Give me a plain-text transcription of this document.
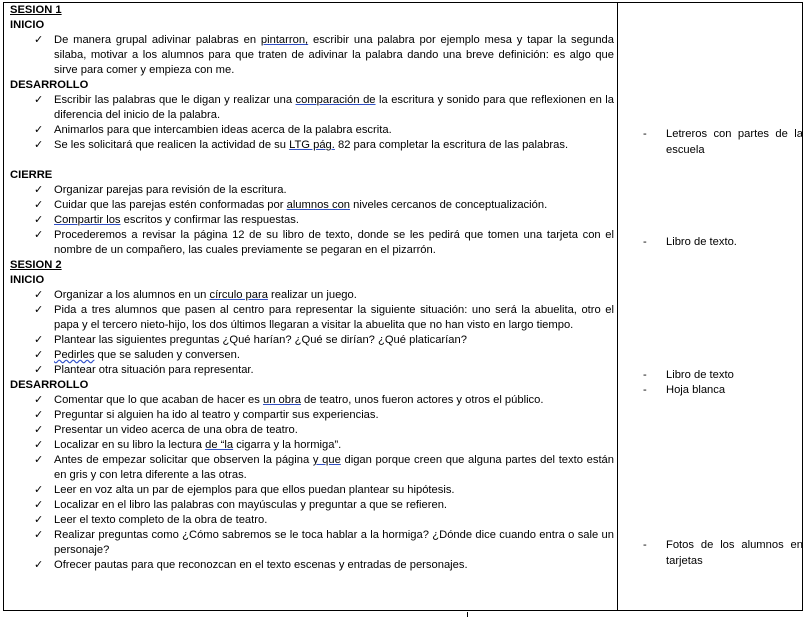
SESION 1
INICIO
✓ De manera grupal adivinar palabras en pintarron, escribir una palabra por ejemplo mesa y tapar la segunda silaba, motivar a los alumnos para que traten de adivinar la palabra dando una breve definición: es algo que sirve para comer y empieza con me.
DESARROLLO
✓ Escribir las palabras que le digan y realizar una comparación de la escritura y sonido para que reflexionen en la diferencia del inicio de la palabra.
✓ Animarlos para que intercambien ideas acerca de la palabra escrita.
✓ Se les solicitará que realicen la actividad de su LTG pág. 82 para completar la escritura de las palabras.
CIERRE
✓ Organizar parejas para revisión de la escritura.
✓ Cuidar que las parejas estén conformadas por alumnos con niveles cercanos de conceptualización.
✓ Compartir los escritos y confirmar las respuestas.
✓ Procederemos a revisar la página 12 de su libro de texto, donde se les pedirá que tomen una tarjeta con el nombre de un compañero, las cuales previamente se pegaran en el pizarrón.
SESION 2
INICIO
✓ Organizar a los alumnos en un círculo para realizar un juego.
✓ Pida a tres alumnos que pasen al centro para representar la siguiente situación: uno será la abuelita, otro el papa y el tercero nieto-hijo, los dos últimos llegaran a visitar la abuelita que no han visto en largo tiempo.
✓ Plantear las siguientes preguntas ¿Qué harían? ¿Qué se dirían? ¿Qué platicarían?
✓ Pedirles que se saluden y conversen.
✓ Plantear otra situación para representar.
DESARROLLO
✓ Comentar que lo que acaban de hacer es un obra de teatro, unos fueron actores y otros el público.
✓ Preguntar si alguien ha ido al teatro y compartir sus experiencias.
✓ Presentar un video acerca de una obra de teatro.
✓ Localizar en su libro la lectura de “la cigarra y la hormiga”.
✓ Antes de empezar solicitar que observen la página y que digan porque creen que alguna partes del texto están en gris y con letra diferente a las otras.
✓ Leer en voz alta un par de ejemplos para que ellos puedan plantear su hipótesis.
✓ Localizar en el libro las palabras con mayúsculas y preguntar a que se refieren.
✓ Leer el texto completo de la obra de teatro.
✓ Realizar preguntas como ¿Cómo sabremos se le toca hablar a la hormiga? ¿Dónde dice cuando entra o sale un personaje?
✓ Ofrecer pautas para que reconozcan en el texto escenas y entradas de personajes.
-	Letreros con partes de la escuela
-	Libro de texto.
-	Libro de texto
-	Hoja blanca
-	Fotos de los alumnos en tarjetas
